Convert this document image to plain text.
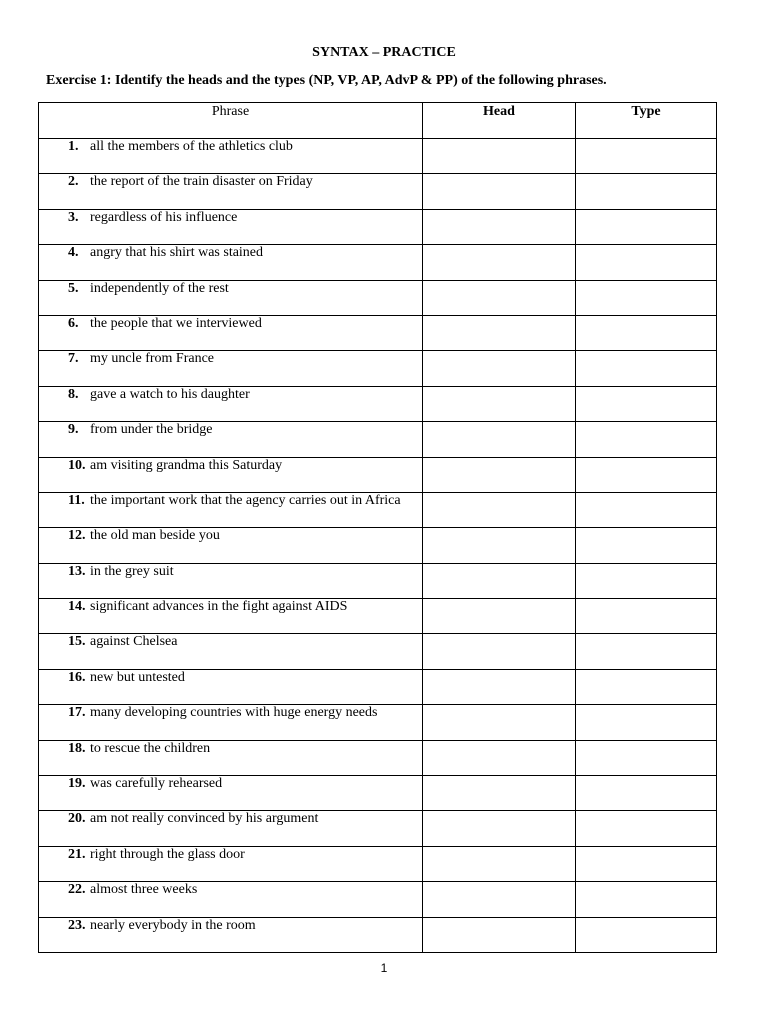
SYNTAX – PRACTICE
Exercise 1: Identify the heads and the types (NP, VP, AP, AdvP & PP) of the following phrases.
Phrase	Head	Type

1. all the members of the athletics club		

2. the report of the train disaster on Friday		

3. regardless of his influence		

4. angry that his shirt was stained		

5. independently of the rest		

6. the people that we interviewed		

7. my uncle from France		

8. gave a watch to his daughter		

9. from under the bridge		

10. am visiting grandma this Saturday		

11. the important work that the agency carries out in Africa		

12. the old man beside you		

13. in the grey suit		

14. significant advances in the fight against AIDS		

15. against Chelsea		

16. new but untested		

17. many developing countries with huge energy needs		

18. to rescue the children		

19. was carefully rehearsed		

20. am not really convinced by his argument		

21. right through the glass door		

22. almost three weeks		

23. nearly everybody in the room		

1
